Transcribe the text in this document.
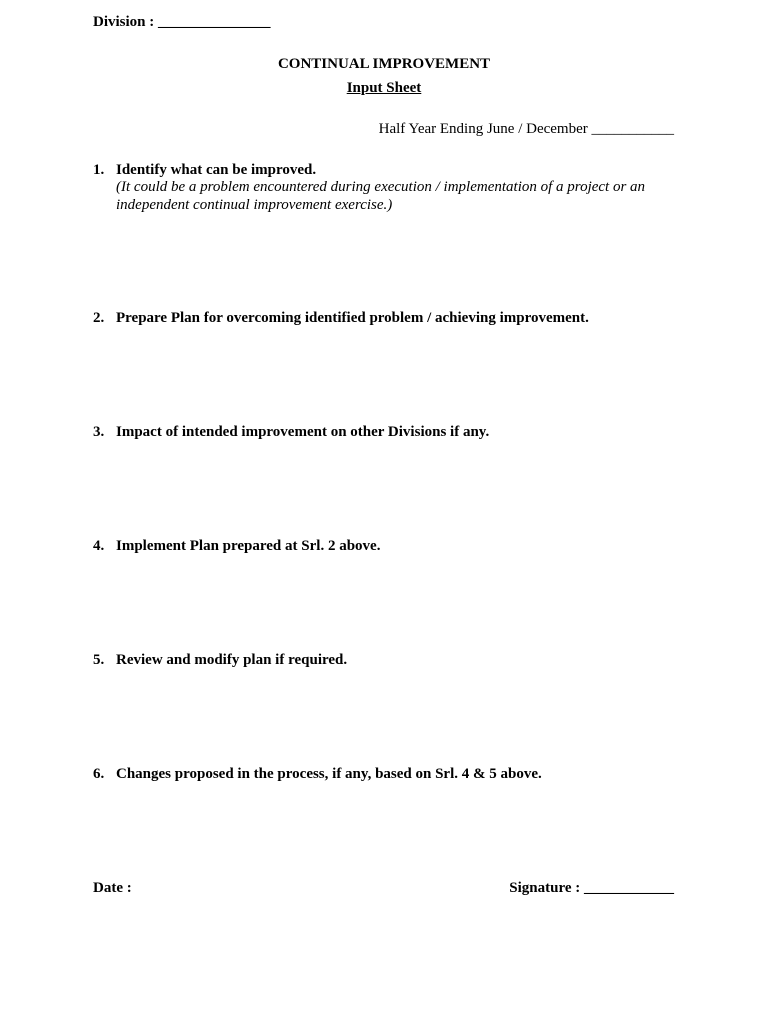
Division : _______________
CONTINUAL IMPROVEMENT
Input Sheet
Half Year Ending June / December ___________
1. Identify what can be improved.
(It could be a problem encountered during execution / implementation of a project or an
independent continual improvement exercise.)
2. Prepare Plan for overcoming identified problem / achieving improvement.
3. Impact of intended improvement on other Divisions if any.
4. Implement Plan prepared at Srl. 2 above.
5. Review and modify plan if required.
6. Changes proposed in the process, if any, based on Srl. 4 & 5 above.
Date :	Signature : ____________
